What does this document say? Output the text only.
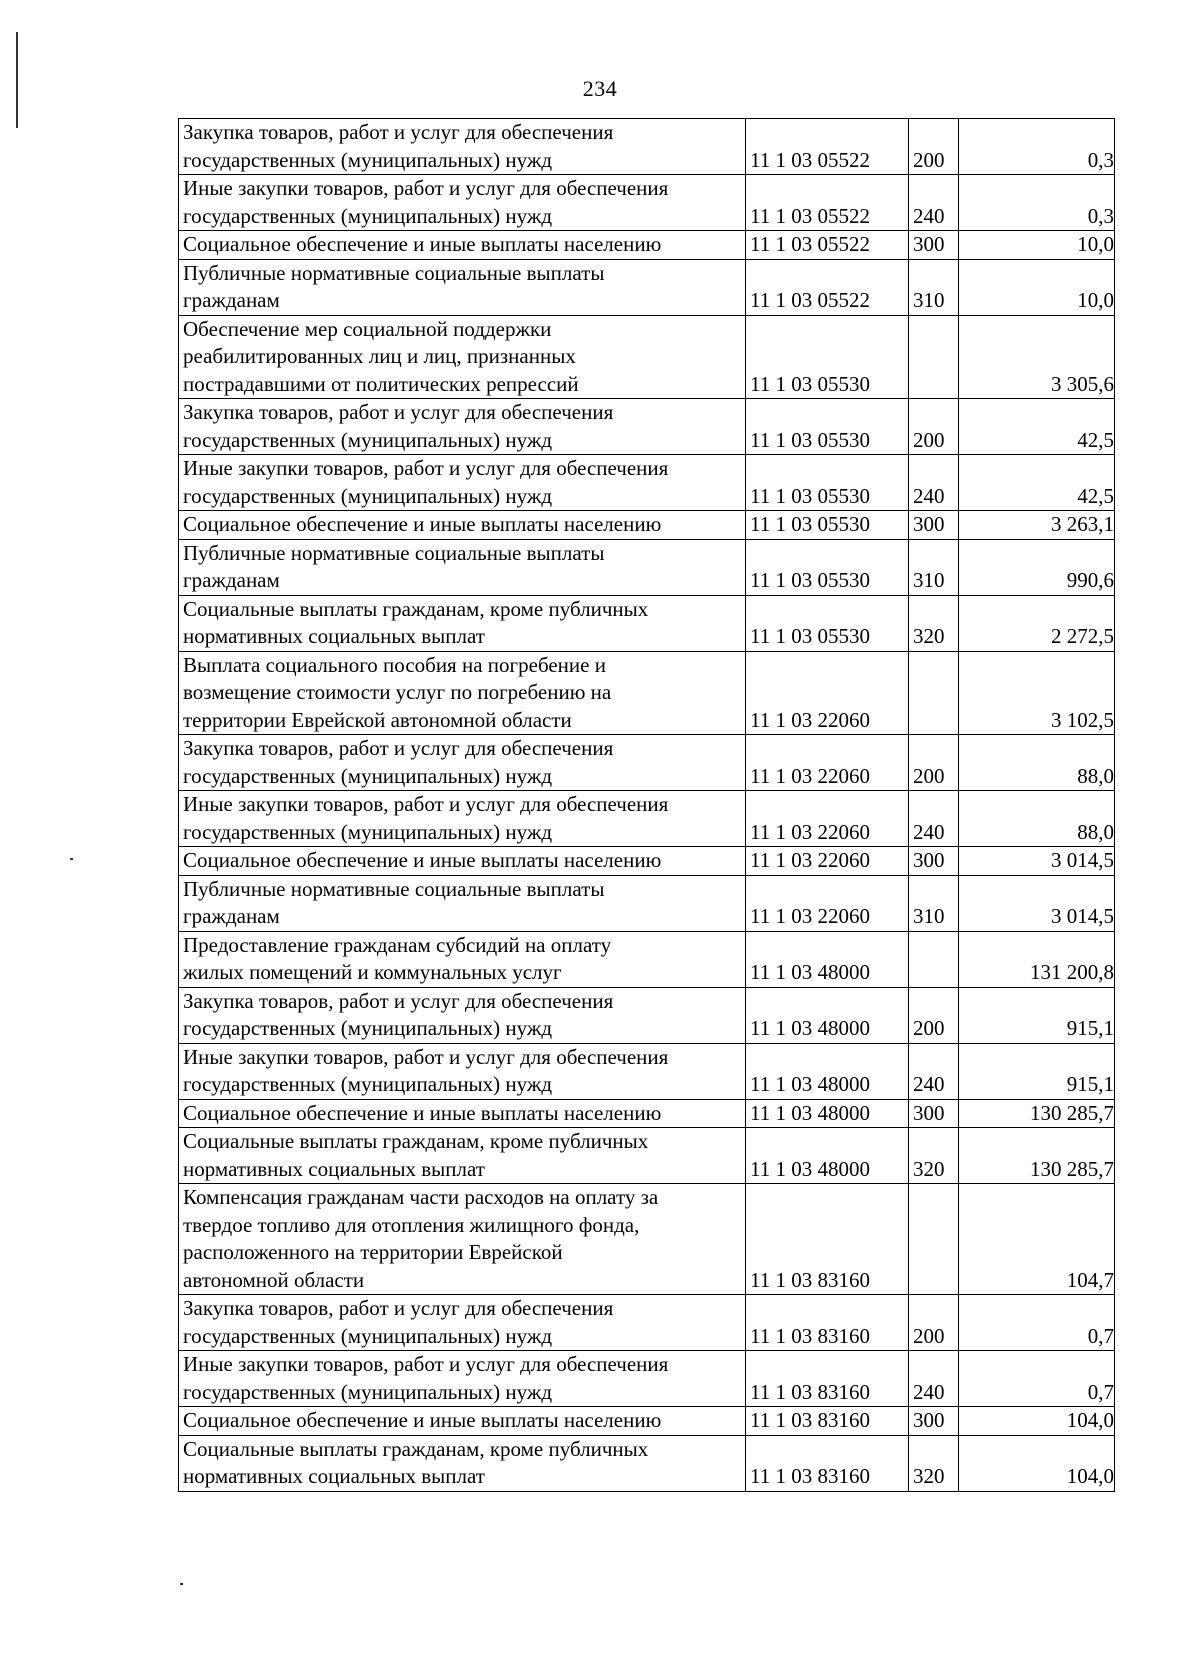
234
Закупка товаров, работ и услуг для обеспечения
государственных (муниципальных) нужд	11 1 03 05522	200	0,3
Иные закупки товаров, работ и услуг для обеспечения
государственных (муниципальных) нужд	11 1 03 05522	240	0,3
Социальное обеспечение и иные выплаты населению	11 1 03 05522	300	10,0
Публичные нормативные социальные выплаты
гражданам	11 1 03 05522	310	10,0
Обеспечение мер социальной поддержки
реабилитированных лиц и лиц, признанных
пострадавшими от политических репрессий	11 1 03 05530		3 305,6
Закупка товаров, работ и услуг для обеспечения
государственных (муниципальных) нужд	11 1 03 05530	200	42,5
Иные закупки товаров, работ и услуг для обеспечения
государственных (муниципальных) нужд	11 1 03 05530	240	42,5
Социальное обеспечение и иные выплаты населению	11 1 03 05530	300	3 263,1
Публичные нормативные социальные выплаты
гражданам	11 1 03 05530	310	990,6
Социальные выплаты гражданам, кроме публичных
нормативных социальных выплат	11 1 03 05530	320	2 272,5
Выплата социального пособия на погребение и
возмещение стоимости услуг по погребению на
территории Еврейской автономной области	11 1 03 22060		3 102,5
Закупка товаров, работ и услуг для обеспечения
государственных (муниципальных) нужд	11 1 03 22060	200	88,0
Иные закупки товаров, работ и услуг для обеспечения
государственных (муниципальных) нужд	11 1 03 22060	240	88,0
Социальное обеспечение и иные выплаты населению	11 1 03 22060	300	3 014,5
Публичные нормативные социальные выплаты
гражданам	11 1 03 22060	310	3 014,5
Предоставление гражданам субсидий на оплату
жилых помещений и коммунальных услуг	11 1 03 48000		131 200,8
Закупка товаров, работ и услуг для обеспечения
государственных (муниципальных) нужд	11 1 03 48000	200	915,1
Иные закупки товаров, работ и услуг для обеспечения
государственных (муниципальных) нужд	11 1 03 48000	240	915,1
Социальное обеспечение и иные выплаты населению	11 1 03 48000	300	130 285,7
Социальные выплаты гражданам, кроме публичных
нормативных социальных выплат	11 1 03 48000	320	130 285,7
Компенсация гражданам части расходов на оплату за
твердое топливо для отопления жилищного фонда,
расположенного на территории Еврейской
автономной области	11 1 03 83160		104,7
Закупка товаров, работ и услуг для обеспечения
государственных (муниципальных) нужд	11 1 03 83160	200	0,7
Иные закупки товаров, работ и услуг для обеспечения
государственных (муниципальных) нужд	11 1 03 83160	240	0,7
Социальное обеспечение и иные выплаты населению	11 1 03 83160	300	104,0
Социальные выплаты гражданам, кроме публичных
нормативных социальных выплат	11 1 03 83160	320	104,0
